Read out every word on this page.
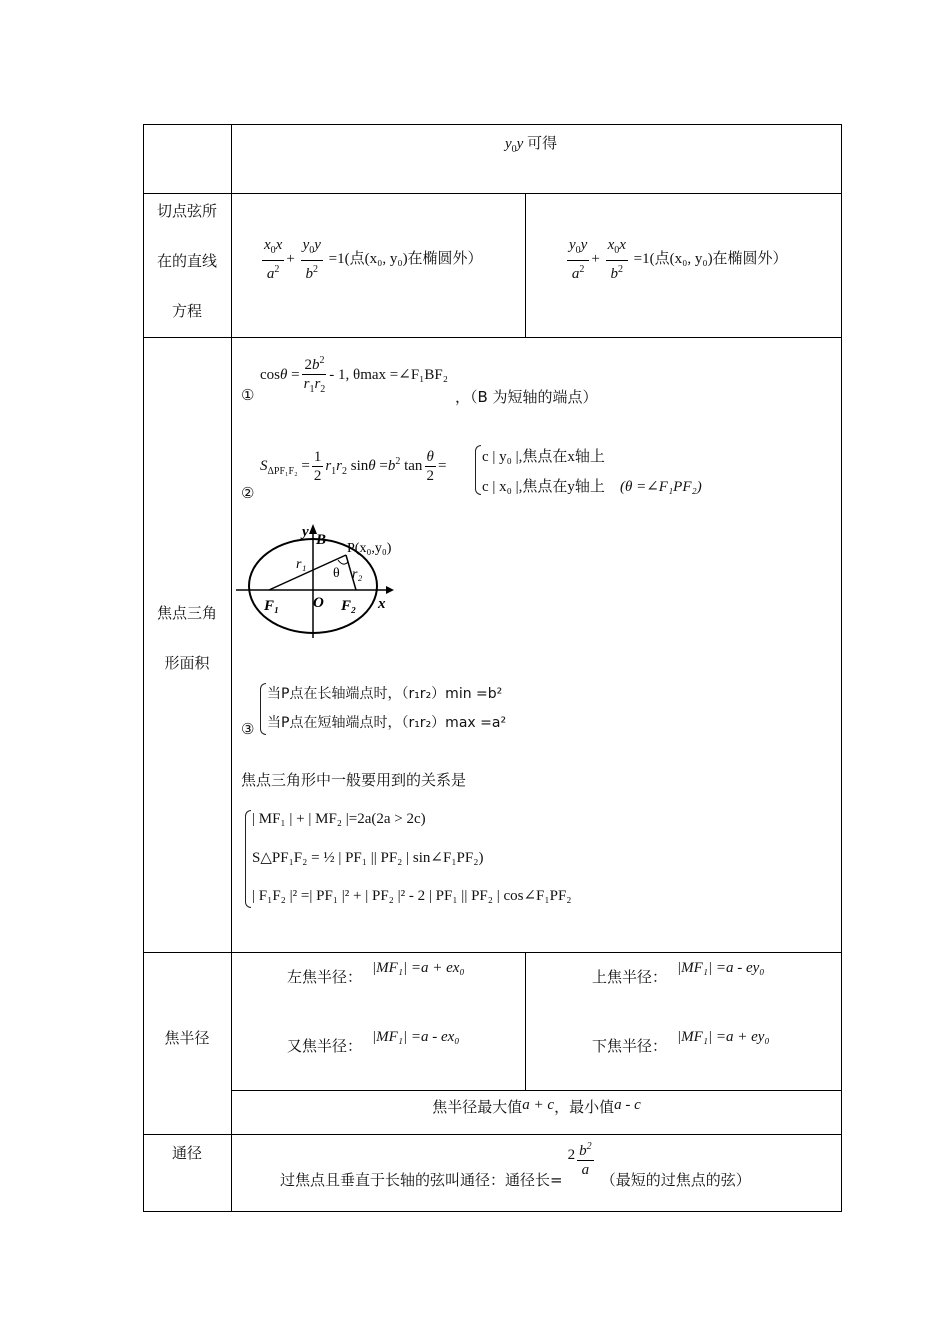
$y_0y$ 可得
切点弦所
在的直线
方程
$\frac{x_0x}{a^2} + \frac{y_0y}{b^2} =1$(点(x₀, y₀)在椭圆外）	$\frac{y_0y}{a^2} + \frac{x_0x}{b^2} =1$(点(x₀, y₀)在椭圆外）
焦点三角
形面积
①
$\cos\theta = \frac{2b^2}{r_1r_2} - 1$, θmax =∠F₁BF₂
，（B 为短轴的端点）
②
$S_{\Delta PF_1F_2} = \frac{1}{2} r_1r_2$ $\sin\theta =b^2$ $\tan \frac{\theta}{2}$ =
c | y₀ |,焦点在x轴上
c | x₀ |,焦点在y轴上 (θ =∠F₁PF₂)
y B
P(x₀,y₀)
r₁
θ r₂
F₁ O F₂ x
③
当P点在长轴端点时，（r₁r₂）min =b²
当P点在短轴端点时，（r₁r₂）max =a²
焦点三角形中一般要用到的关系是
| MF₁ | + | MF₂ |=2a(2a > 2c)
S△PF₁F₂ = ½ | PF₁ || PF₂ | sin∠F₁PF₂)
| F₁F₂ |² =| PF₁ |² + | PF₂ |² - 2 | PF₁ || PF₂ | cos∠F₁PF₂
焦半径
左焦半径： |MF₁| =a + ex₀
又焦半径： |MF₁| =a - ex₀
上焦半径： |MF₁| =a - ey₀
下焦半径： |MF₁| =a + ey₀
焦半径最大值a + c，最小值a - c
通径
过焦点且垂直于长轴的弦叫通径：通径长= $2 \frac{b^2}{a}$
（最短的过焦点的弦）
